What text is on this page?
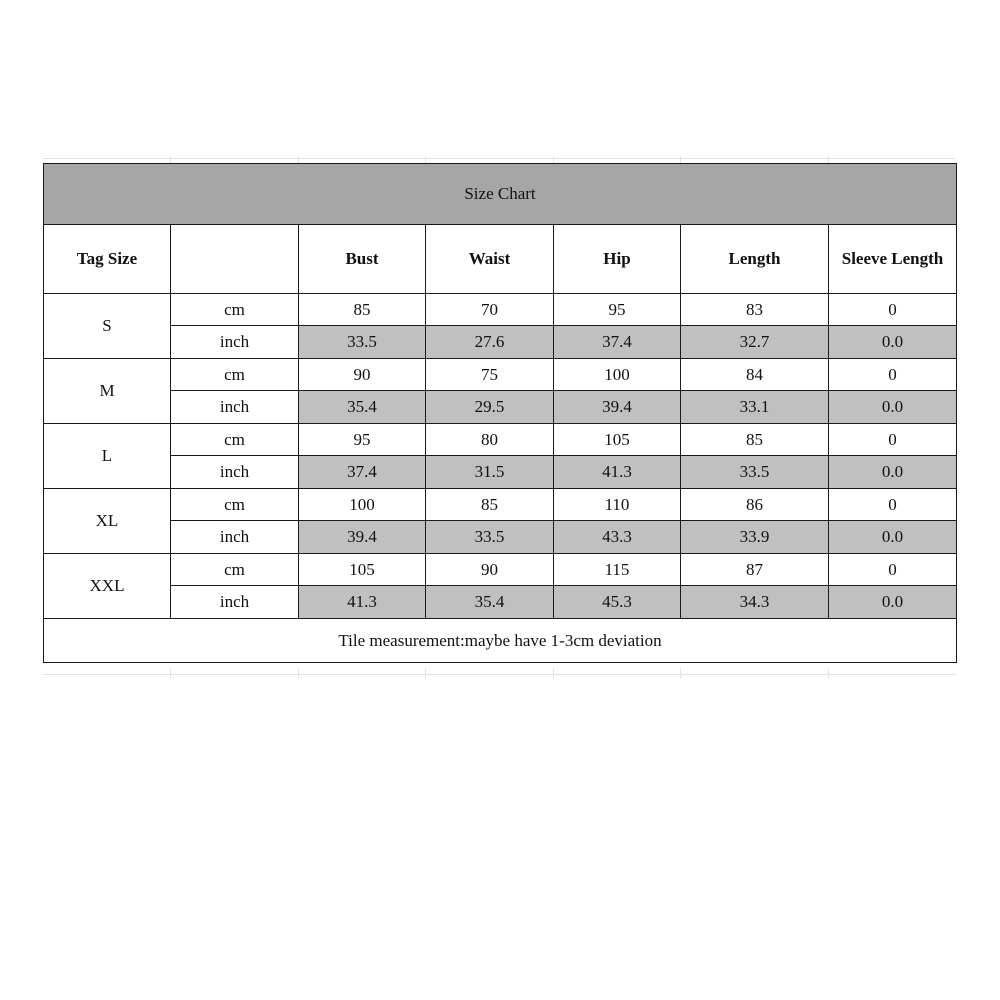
Size Chart						
Tag Size		Bust	Waist	Hip	Length	Sleeve Length
S	cm	85	70	95	83	0
	inch	33.5	27.6	37.4	32.7	0.0
M	cm	90	75	100	84	0
	inch	35.4	29.5	39.4	33.1	0.0
L	cm	95	80	105	85	0
	inch	37.4	31.5	41.3	33.5	0.0
XL	cm	100	85	110	86	0
	inch	39.4	33.5	43.3	33.9	0.0
XXL	cm	105	90	115	87	0
	inch	41.3	35.4	45.3	34.3	0.0
Tile measurement:maybe have 1-3cm deviation						
